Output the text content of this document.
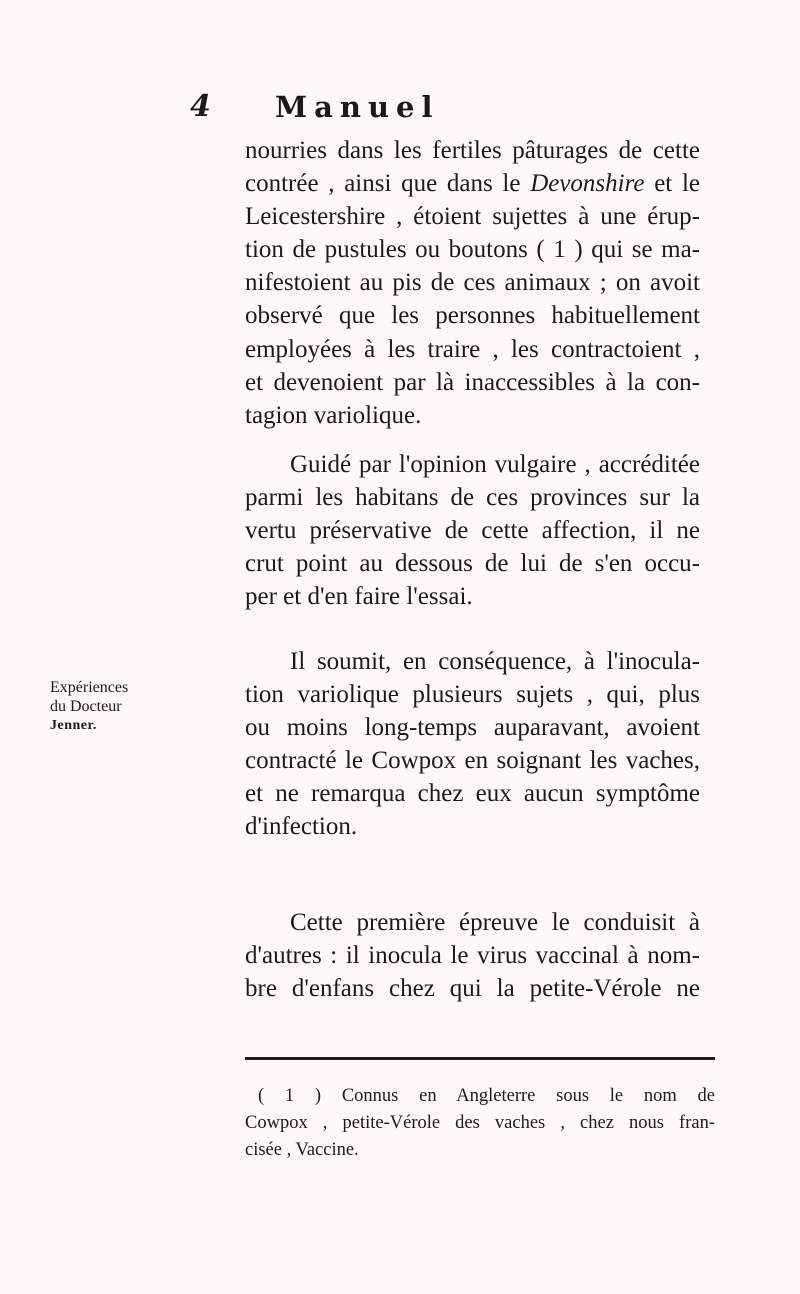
4 Manuel
nourries dans les fertiles pâturages de cette
contrée , ainsi que dans le Devonshire et le
Leicestershire , étoient sujettes à une érup-
tion de pustules ou boutons ( 1 ) qui se ma-
nifestoient au pis de ces animaux ; on avoit
observé que les personnes habituellement
employées à les traire , les contractoient ,
et devenoient par là inaccessibles à la con-
tagion variolique.
Guidé par l'opinion vulgaire , accréditée
parmi les habitans de ces provinces sur la
vertu préservative de cette affection, il ne
crut point au dessous de lui de s'en occu-
per et d'en faire l'essai.
Il soumit, en conséquence, à l'inocula-
tion variolique plusieurs sujets , qui, plus
ou moins long-temps auparavant, avoient
contracté le Cowpox en soignant les vaches,
et ne remarqua chez eux aucun symptôme
d'infection.
Expériences
du Docteur
Jenner.
Cette première épreuve le conduisit à
d'autres : il inocula le virus vaccinal à nom-
bre d'enfans chez qui la petite-Vérole ne
( 1 ) Connus en Angleterre sous le nom de
Cowpox , petite-Vérole des vaches , chez nous fran-
cisée , Vaccine.
